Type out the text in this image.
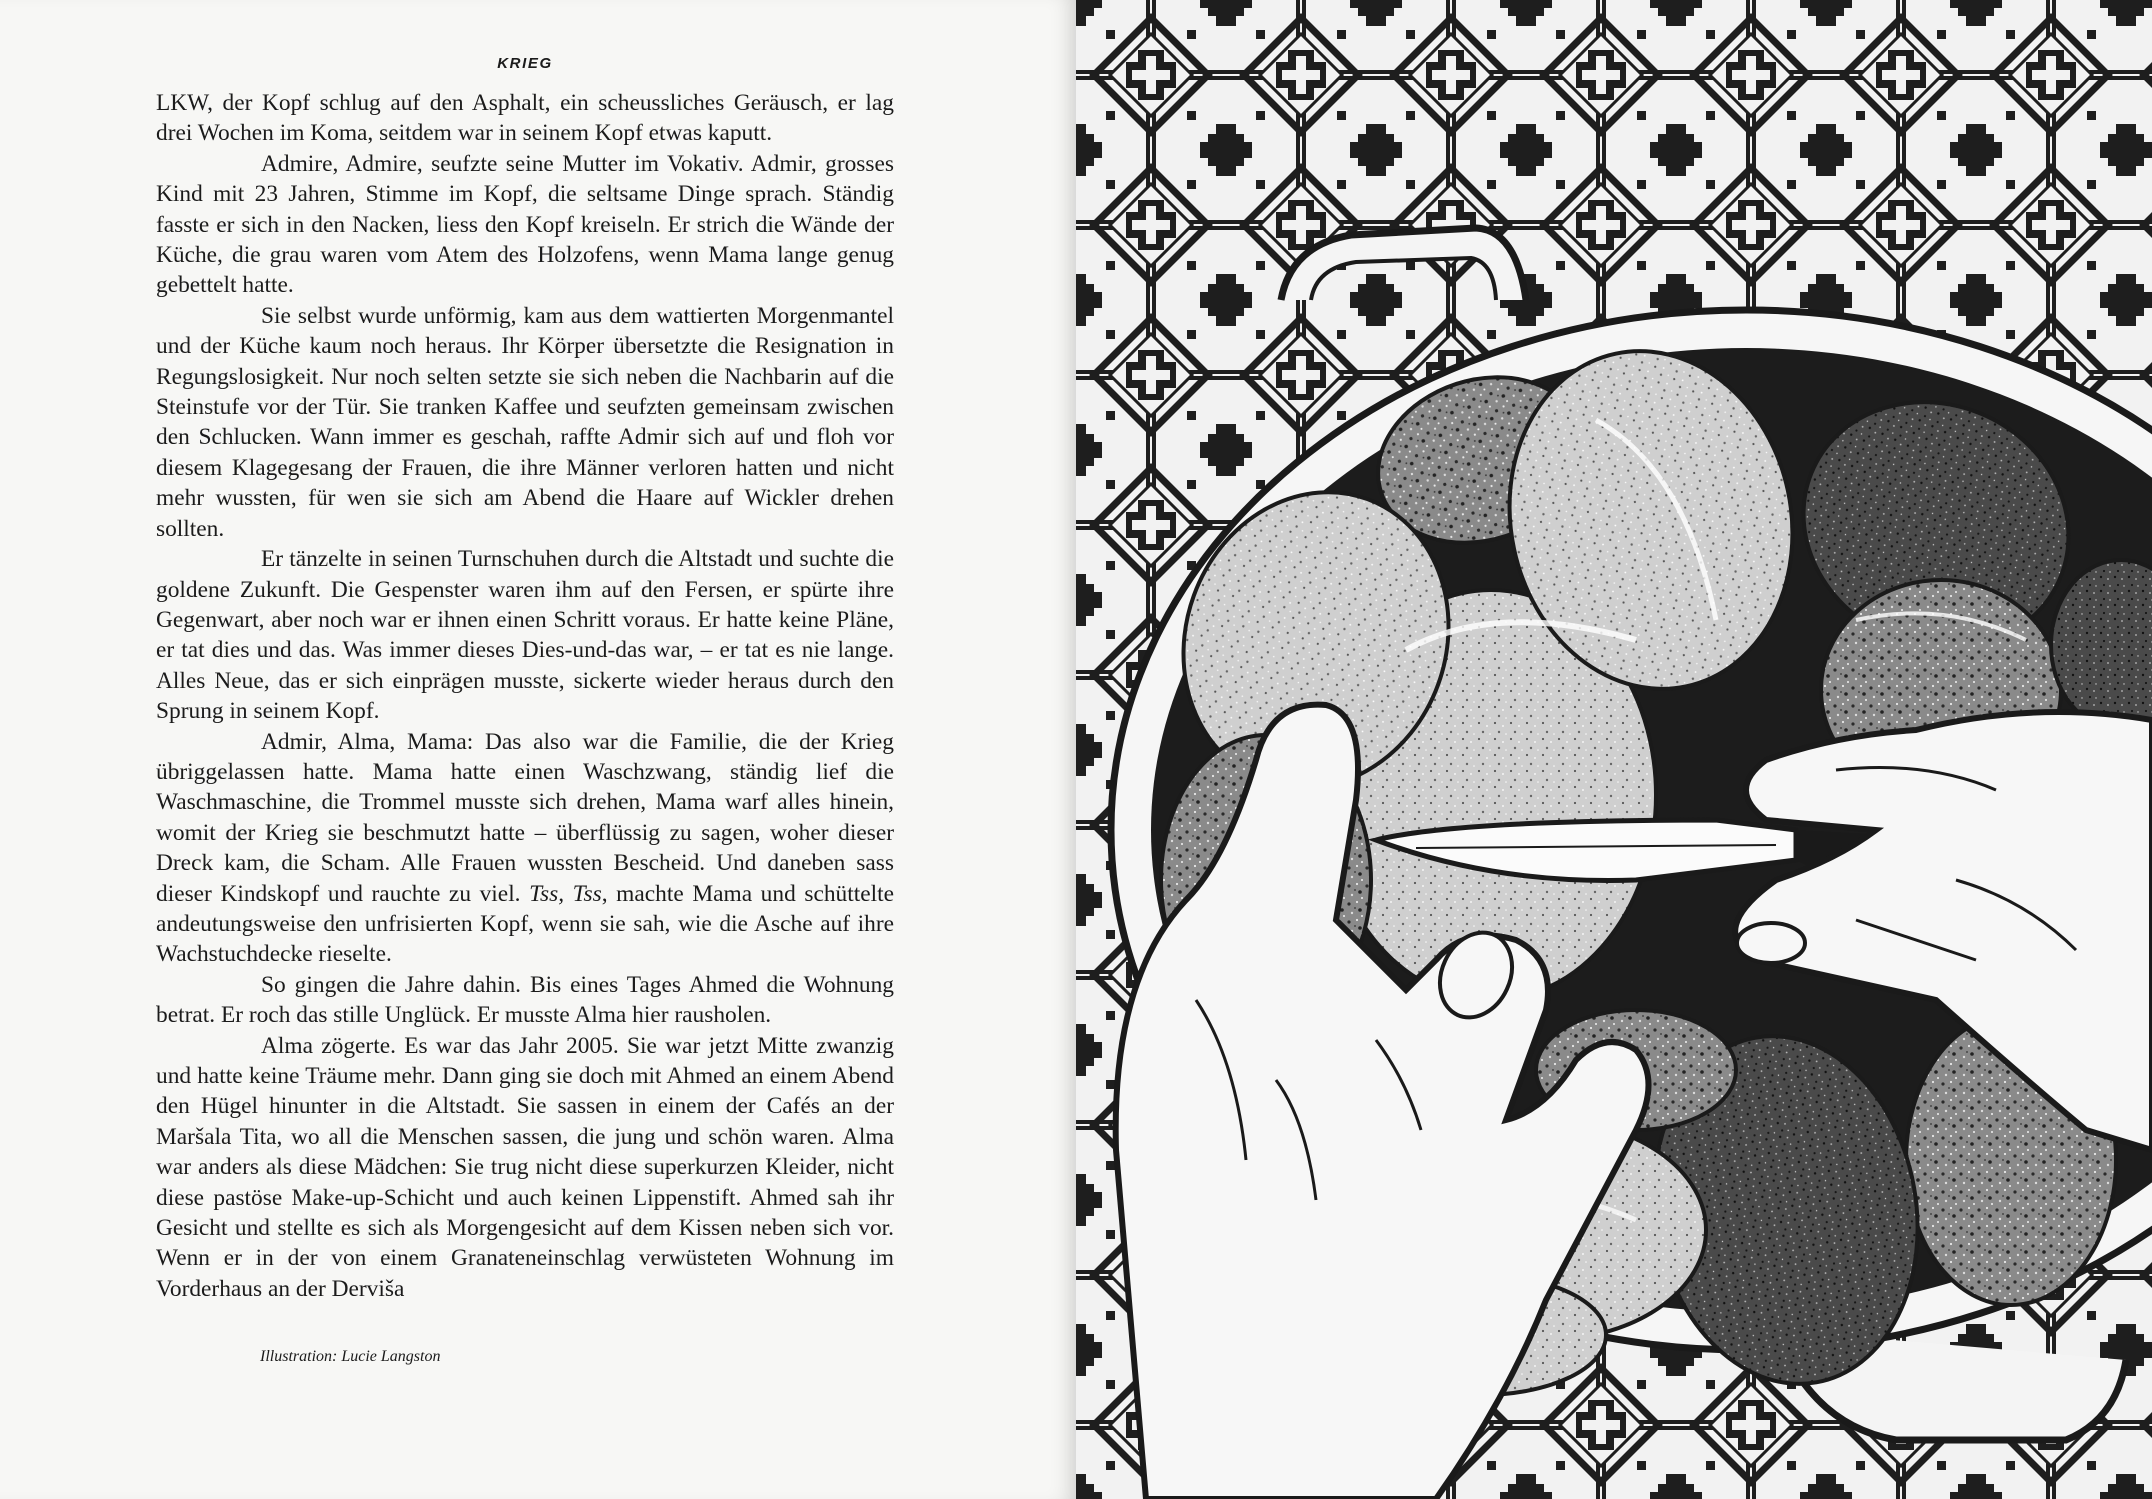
KRIEG

LKW, der Kopf schlug auf den Asphalt, ein scheussliches Geräusch, er lag drei Wochen im Koma, seitdem war in seinem Kopf etwas kaputt.

Admire, Admire, seufzte seine Mutter im Vokativ. Admir, grosses Kind mit 23 Jahren, Stimme im Kopf, die seltsame Dinge sprach. Ständig fasste er sich in den Nacken, liess den Kopf kreiseln. Er strich die Wände der Küche, die grau waren vom Atem des Holzofens, wenn Mama lange genug gebettelt hatte.

Sie selbst wurde unförmig, kam aus dem wattierten Morgenmantel und der Küche kaum noch heraus. Ihr Körper übersetzte die Resignation in Regungslosigkeit. Nur noch selten setzte sie sich neben die Nachbarin auf die Steinstufe vor der Tür. Sie tranken Kaffee und seufzten gemeinsam zwischen den Schlucken. Wann immer es geschah, raffte Admir sich auf und floh vor diesem Klagegesang der Frauen, die ihre Männer verloren hatten und nicht mehr wussten, für wen sie sich am Abend die Haare auf Wickler drehen sollten.

Er tänzelte in seinen Turnschuhen durch die Altstadt und suchte die goldene Zukunft. Die Gespenster waren ihm auf den Fersen, er spürte ihre Gegenwart, aber noch war er ihnen einen Schritt voraus. Er hatte keine Pläne, er tat dies und das. Was immer dieses Dies-und-das war, – er tat es nie lange. Alles Neue, das er sich einprägen musste, sickerte wieder heraus durch den Sprung in seinem Kopf.

Admir, Alma, Mama: Das also war die Familie, die der Krieg übriggelassen hatte. Mama hatte einen Waschzwang, ständig lief die Waschmaschine, die Trommel musste sich drehen, Mama warf alles hinein, womit der Krieg sie beschmutzt hatte – überflüssig zu sagen, woher dieser Dreck kam, die Scham. Alle Frauen wussten Bescheid. Und daneben sass dieser Kindskopf und rauchte zu viel. Tss, Tss, machte Mama und schüttelte andeutungsweise den unfrisierten Kopf, wenn sie sah, wie die Asche auf ihre Wachstuchdecke rieselte.

So gingen die Jahre dahin. Bis eines Tages Ahmed die Wohnung betrat. Er roch das stille Unglück. Er musste Alma hier rausholen.

Alma zögerte. Es war das Jahr 2005. Sie war jetzt Mitte zwanzig und hatte keine Träume mehr. Dann ging sie doch mit Ahmed an einem Abend den Hügel hinunter in die Altstadt. Sie sassen in einem der Cafés an der Maršala Tita, wo all die Menschen sassen, die jung und schön waren. Alma war anders als diese Mädchen: Sie trug nicht diese superkurzen Kleider, nicht diese pastöse Make-up-Schicht und auch keinen Lippenstift. Ahmed sah ihr Gesicht und stellte es sich als Morgengesicht auf dem Kissen neben sich vor. Wenn er in der von einem Granateneinschlag verwüsteten Wohnung im Vorderhaus an der Derviša

Illustration: Lucie Langston
